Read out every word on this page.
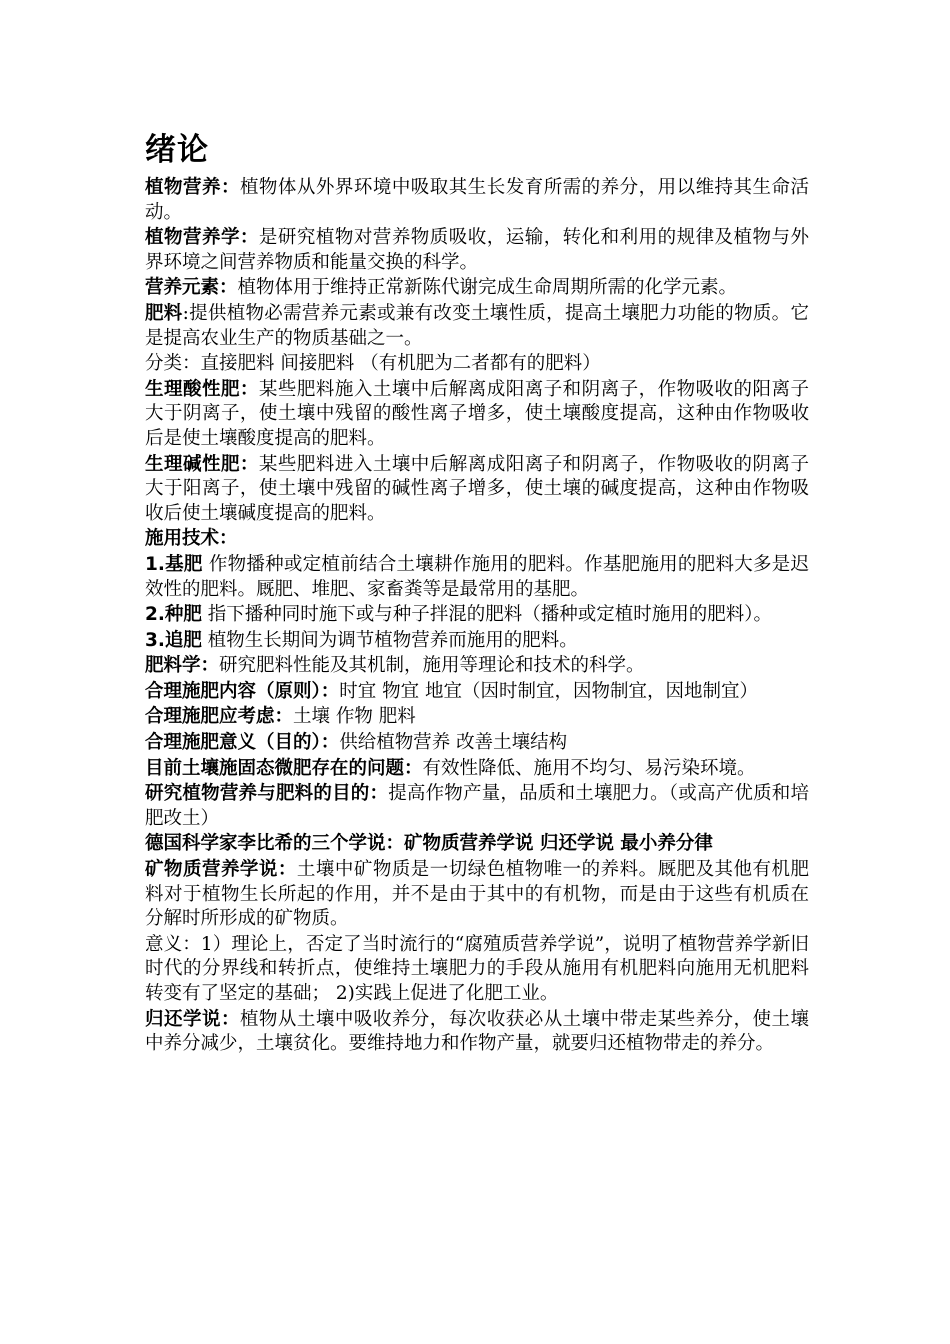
绪论

植物营养：植物体从外界环境中吸取其生长发育所需的养分，用以维持其生命活动。

植物营养学：是研究植物对营养物质吸收，运输，转化和利用的规律及植物与外界环境之间营养物质和能量交换的科学。

营养元素：植物体用于维持正常新陈代谢完成生命周期所需的化学元素。

肥料:提供植物必需营养元素或兼有改变土壤性质，提高土壤肥力功能的物质。它是提高农业生产的物质基础之一。

分类：直接肥料 间接肥料 （有机肥为二者都有的肥料）

生理酸性肥：某些肥料施入土壤中后解离成阳离子和阴离子，作物吸收的阳离子大于阴离子，使土壤中残留的酸性离子增多，使土壤酸度提高，这种由作物吸收后是使土壤酸度提高的肥料。

生理碱性肥：某些肥料进入土壤中后解离成阳离子和阴离子，作物吸收的阴离子大于阳离子，使土壤中残留的碱性离子增多，使土壤的碱度提高，这种由作物吸收后使土壤碱度提高的肥料。

施用技术：

1.基肥 作物播种或定植前结合土壤耕作施用的肥料。作基肥施用的肥料大多是迟效性的肥料。厩肥、堆肥、家畜粪等是最常用的基肥。

2.种肥 指下播种同时施下或与种子拌混的肥料（播种或定植时施用的肥料）。

3.追肥 植物生长期间为调节植物营养而施用的肥料。

肥料学：研究肥料性能及其机制，施用等理论和技术的科学。

合理施肥内容（原则）：时宜 物宜 地宜（因时制宜，因物制宜，因地制宜）

合理施肥应考虑：土壤 作物 肥料

合理施肥意义（目的）：供给植物营养 改善土壤结构

目前土壤施固态微肥存在的问题：有效性降低、施用不均匀、易污染环境。

研究植物营养与肥料的目的：提高作物产量，品质和土壤肥力。（或高产优质和培肥改土）

德国科学家李比希的三个学说：矿物质营养学说 归还学说 最小养分律

矿物质营养学说：土壤中矿物质是一切绿色植物唯一的养料。厩肥及其他有机肥料对于植物生长所起的作用，并不是由于其中的有机物，而是由于这些有机质在分解时所形成的矿物质。

意义：1）理论上，否定了当时流行的“腐殖质营养学说”，说明了植物营养学新旧时代的分界线和转折点，使维持土壤肥力的手段从施用有机肥料向施用无机肥料转变有了坚定的基础； 2)实践上促进了化肥工业。

归还学说：植物从土壤中吸收养分，每次收获必从土壤中带走某些养分，使土壤中养分减少，土壤贫化。要维持地力和作物产量，就要归还植物带走的养分。
